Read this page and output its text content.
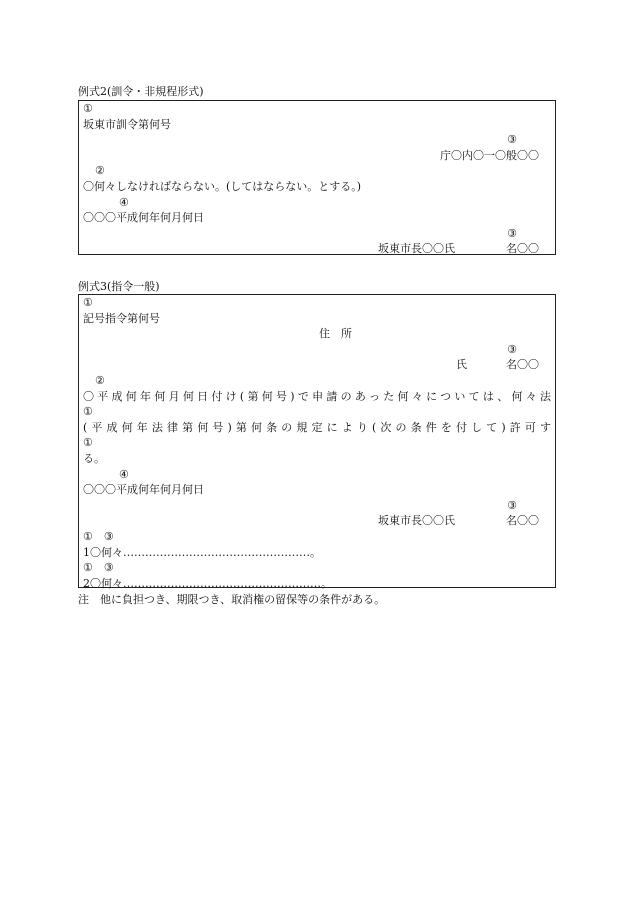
例式2(訓令・非規程形式)
①
坂東市訓令第何号
③
庁〇内〇一〇般〇〇
②
〇何々しなければならない。(してはならない。とする。)
④
〇〇〇平成何年何月何日
③
坂東市長〇〇氏	名〇〇
例式3(指令一般)
①
記号指令第何号
住　所
③
氏	名〇〇
②
〇平成何年何月何日付け(第何号)で申請のあった何々については、何々法
①
(平成何年法律第何号)第何条の規定により(次の条件を付して)許可す
①
る。
④
〇〇〇平成何年何月何日
③
坂東市長〇〇氏	名〇〇
①　③
1〇何々……………………………………………。
①　③
2〇何々………………………………………………。
注　他に負担つき、期限つき、取消権の留保等の条件がある。
